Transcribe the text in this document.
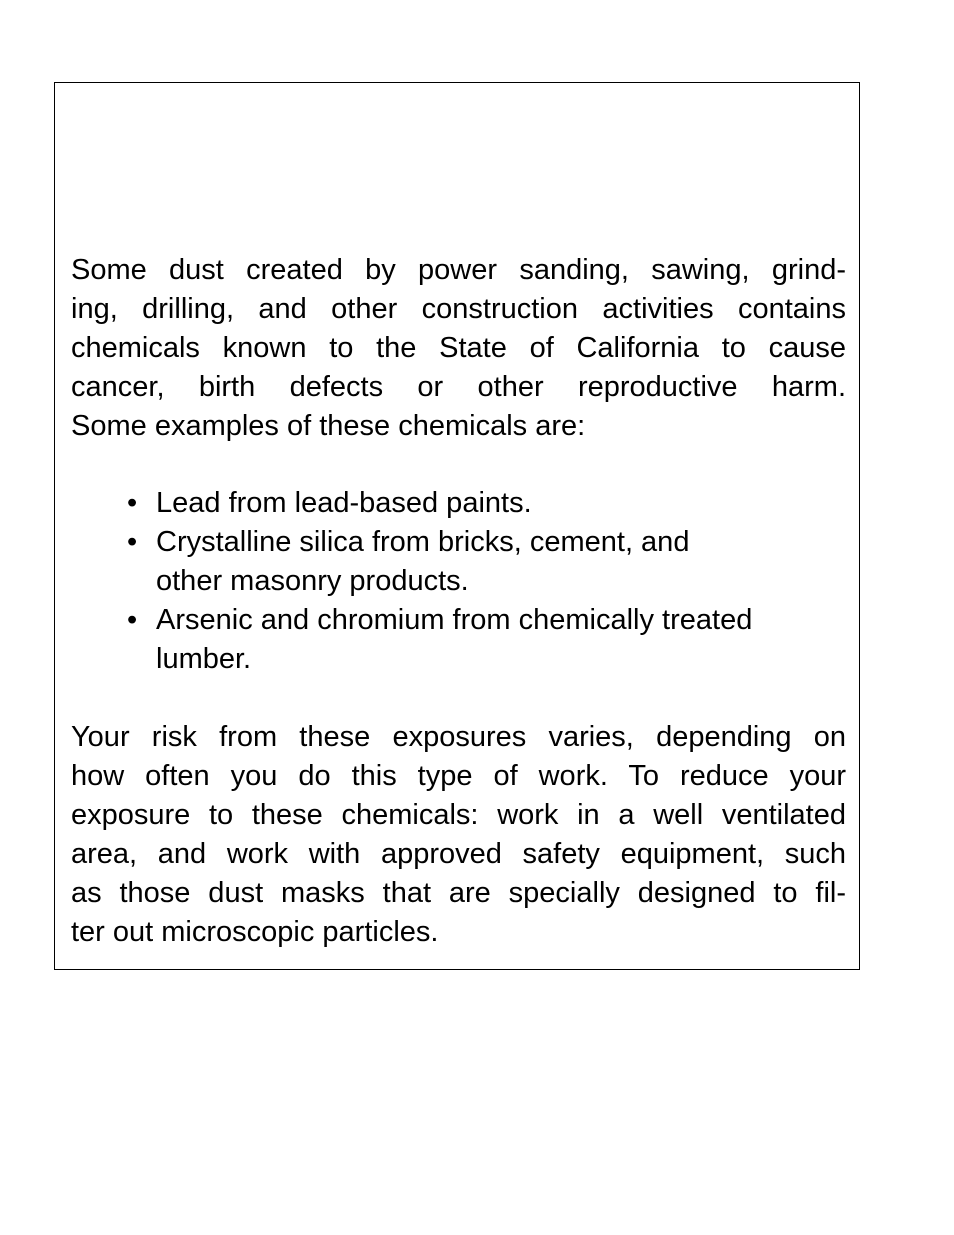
Some dust created by power sanding, sawing, grind-
ing, drilling, and other construction activities contains
chemicals known to the State of California to cause
cancer, birth defects or other reproductive harm.
Some examples of these chemicals are:
• Lead from lead-based paints.
• Crystalline silica from bricks, cement, and
other masonry products.
• Arsenic and chromium from chemically treated
lumber.
Your risk from these exposures varies, depending on
how often you do this type of work. To reduce your
exposure to these chemicals: work in a well ventilated
area, and work with approved safety equipment, such
as those dust masks that are specially designed to fil-
ter out microscopic particles.
